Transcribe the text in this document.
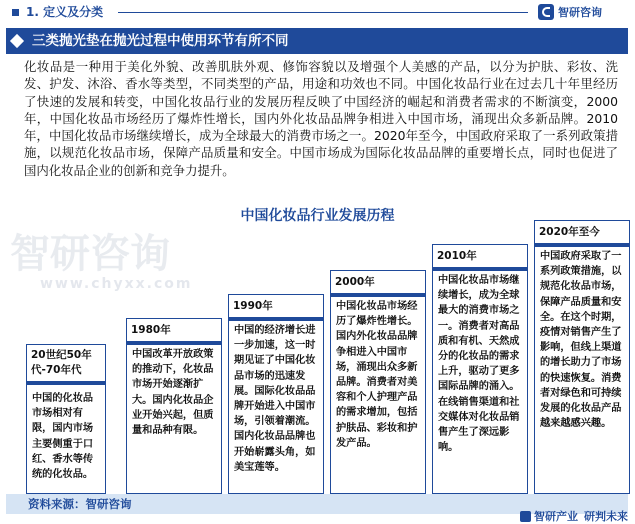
1. 定义及分类	智研咨询
三类抛光垫在抛光过程中使用环节有所不同
化妆品是一种用于美化外貌、改善肌肤外观、修饰容貌以及增强个人美感的产品，以分为护肤、彩妆、洗发、护发、沐浴、香水等类型，不同类型的产品，用途和功效也不同。中国化妆品行业在过去几十年里经历了快速的发展和转变，中国化妆品行业的发展历程反映了中国经济的崛起和消费者需求的不断演变，2000年，中国化妆品市场经历了爆炸性增长，国内外化妆品品牌争相进入中国市场，涌现出众多新品牌。2010年，中国化妆品市场继续增长，成为全球最大的消费市场之一。2020年至今，中国政府采取了一系列政策措施，以规范化妆品市场，保障产品质量和安全。中国市场成为国际化妆品品牌的重要增长点，同时也促进了国内化妆品企业的创新和竞争力提升。
智研咨询
www.chyxx.com
中国化妆品行业发展历程
20世纪50年代-70年代
中国的化妆品市场相对有限，国内市场主要侧重于口红、香水等传统的化妆品。
1980年
中国改革开放政策的推动下，化妆品市场开始逐渐扩大。国内化妆品企业开始兴起，但质量和品种有限。
1990年
中国的经济增长进一步加速，这一时期见证了中国化妆品市场的迅速发展。国际化妆品品牌开始进入中国市场，引领着潮流。国内化妆品品牌也开始崭露头角，如美宝莲等。
2000年
中国化妆品市场经历了爆炸性增长。国内外化妆品品牌争相进入中国市场，涌现出众多新品牌。消费者对美容和个人护理产品的需求增加，包括护肤品、彩妆和护发产品。
2010年
中国化妆品市场继续增长，成为全球最大的消费市场之一。消费者对高品质和有机、天然成分的化妆品的需求上升，驱动了更多国际品牌的涌入。在线销售渠道和社交媒体对化妆品销售产生了深远影响。
2020年至今
中国政府采取了一系列政策措施，以规范化妆品市场，保障产品质量和安全。在这个时期，疫情对销售产生了影响，但线上渠道的增长助力了市场的快速恢复。消费者对绿色和可持续发展的化妆品产品越来越感兴趣。
资料来源：智研咨询
智研产业 研判未来
